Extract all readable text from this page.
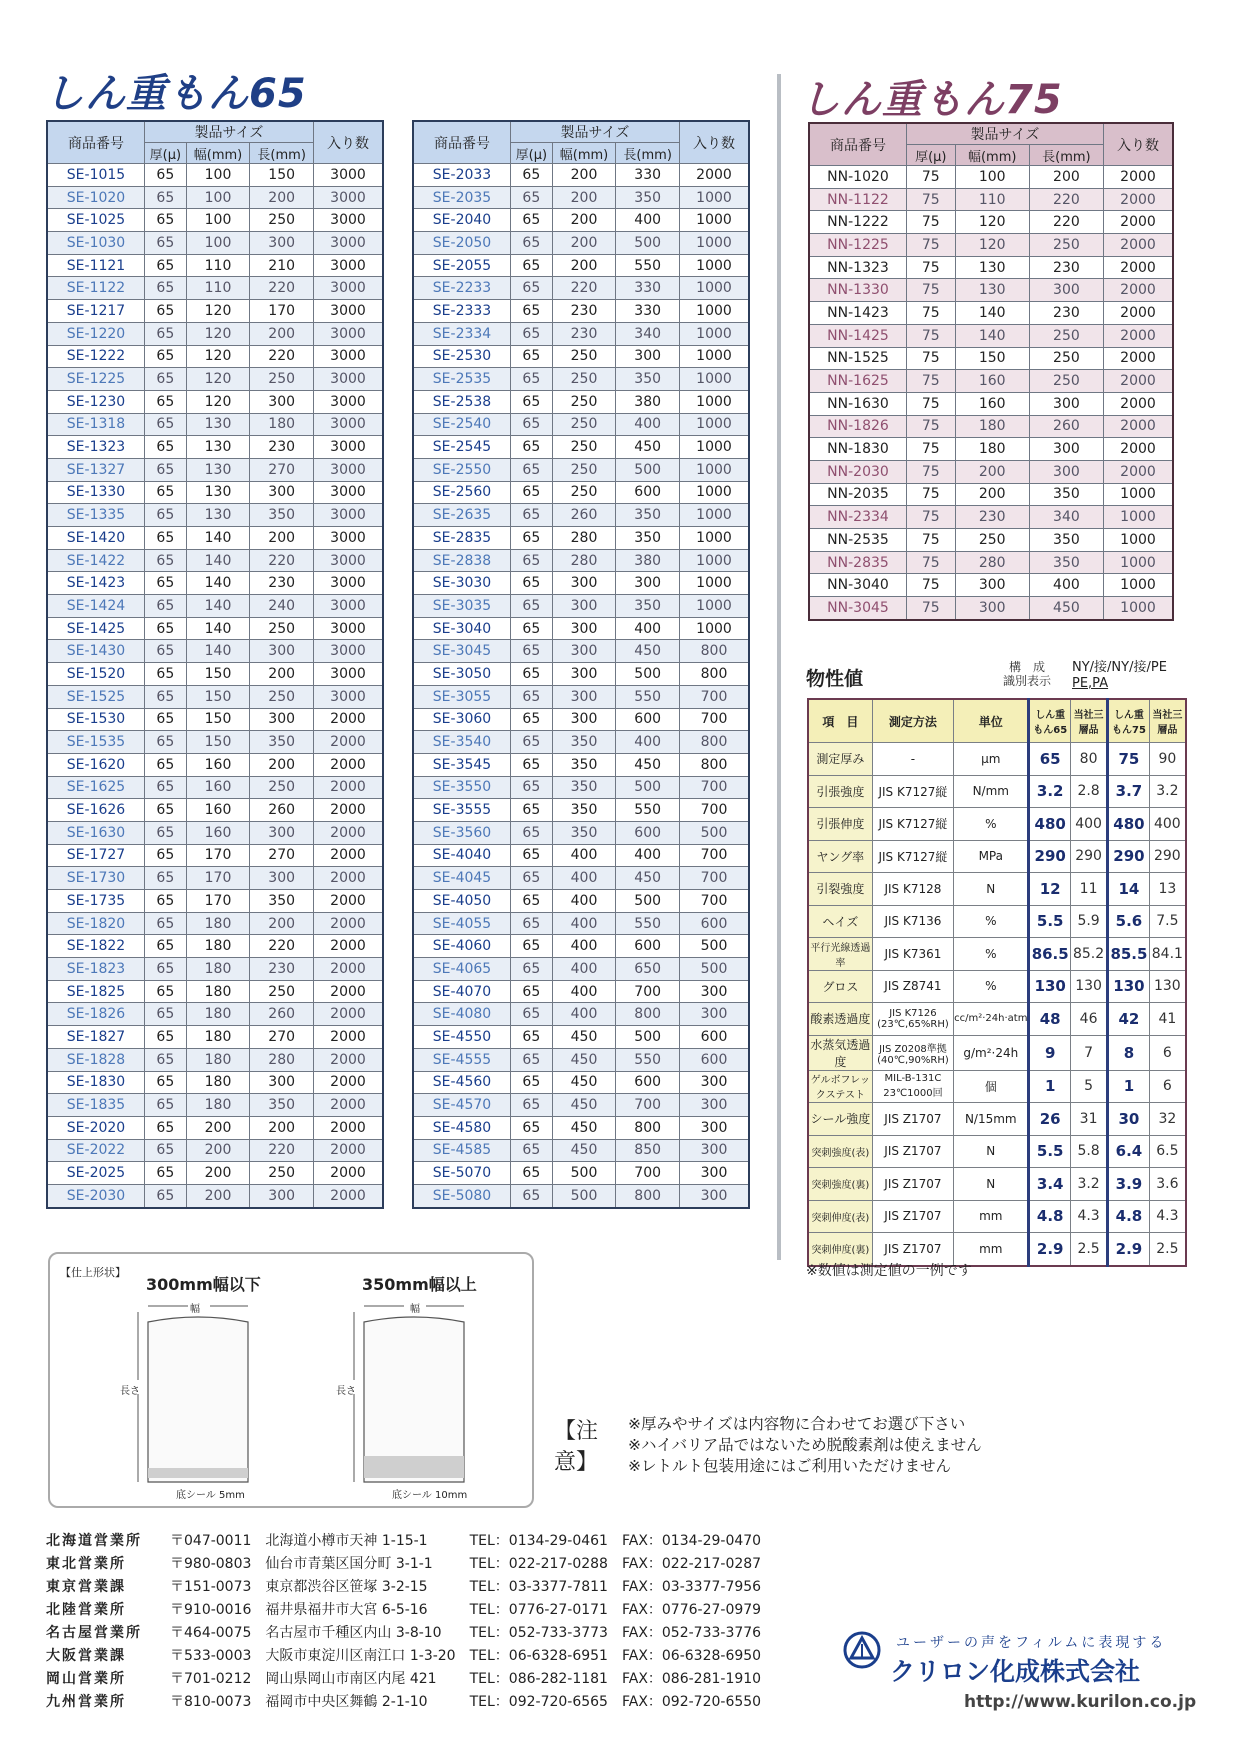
しん重もん65	しん重もん75
商品番号	製品サイズ			入り数
	厚(μ)	幅(mm)	長(mm)	
SE-1015	65	100	150	3000
SE-1020	65	100	200	3000
SE-1025	65	100	250	3000
SE-1030	65	100	300	3000
SE-1121	65	110	210	3000
SE-1122	65	110	220	3000
SE-1217	65	120	170	3000
SE-1220	65	120	200	3000
SE-1222	65	120	220	3000
SE-1225	65	120	250	3000
SE-1230	65	120	300	3000
SE-1318	65	130	180	3000
SE-1323	65	130	230	3000
SE-1327	65	130	270	3000
SE-1330	65	130	300	3000
SE-1335	65	130	350	3000
SE-1420	65	140	200	3000
SE-1422	65	140	220	3000
SE-1423	65	140	230	3000
SE-1424	65	140	240	3000
SE-1425	65	140	250	3000
SE-1430	65	140	300	3000
SE-1520	65	150	200	3000
SE-1525	65	150	250	3000
SE-1530	65	150	300	2000
SE-1535	65	150	350	2000
SE-1620	65	160	200	2000
SE-1625	65	160	250	2000
SE-1626	65	160	260	2000
SE-1630	65	160	300	2000
SE-1727	65	170	270	2000
SE-1730	65	170	300	2000
SE-1735	65	170	350	2000
SE-1820	65	180	200	2000
SE-1822	65	180	220	2000
SE-1823	65	180	230	2000
SE-1825	65	180	250	2000
SE-1826	65	180	260	2000
SE-1827	65	180	270	2000
SE-1828	65	180	280	2000
SE-1830	65	180	300	2000
SE-1835	65	180	350	2000
SE-2020	65	200	200	2000
SE-2022	65	200	220	2000
SE-2025	65	200	250	2000
SE-2030	65	200	300	2000
商品番号	製品サイズ			入り数
	厚(μ)	幅(mm)	長(mm)	
SE-2033	65	200	330	2000
SE-2035	65	200	350	1000
SE-2040	65	200	400	1000
SE-2050	65	200	500	1000
SE-2055	65	200	550	1000
SE-2233	65	220	330	1000
SE-2333	65	230	330	1000
SE-2334	65	230	340	1000
SE-2530	65	250	300	1000
SE-2535	65	250	350	1000
SE-2538	65	250	380	1000
SE-2540	65	250	400	1000
SE-2545	65	250	450	1000
SE-2550	65	250	500	1000
SE-2560	65	250	600	1000
SE-2635	65	260	350	1000
SE-2835	65	280	350	1000
SE-2838	65	280	380	1000
SE-3030	65	300	300	1000
SE-3035	65	300	350	1000
SE-3040	65	300	400	1000
SE-3045	65	300	450	800
SE-3050	65	300	500	800
SE-3055	65	300	550	700
SE-3060	65	300	600	700
SE-3540	65	350	400	800
SE-3545	65	350	450	800
SE-3550	65	350	500	700
SE-3555	65	350	550	700
SE-3560	65	350	600	500
SE-4040	65	400	400	700
SE-4045	65	400	450	700
SE-4050	65	400	500	700
SE-4055	65	400	550	600
SE-4060	65	400	600	500
SE-4065	65	400	650	500
SE-4070	65	400	700	300
SE-4080	65	400	800	300
SE-4550	65	450	500	600
SE-4555	65	450	550	600
SE-4560	65	450	600	300
SE-4570	65	450	700	300
SE-4580	65	450	800	300
SE-4585	65	450	850	300
SE-5070	65	500	700	300
SE-5080	65	500	800	300
商品番号	製品サイズ			入り数
	厚(μ)	幅(mm)	長(mm)	
NN-1020	75	100	200	2000
NN-1122	75	110	220	2000
NN-1222	75	120	220	2000
NN-1225	75	120	250	2000
NN-1323	75	130	230	2000
NN-1330	75	130	300	2000
NN-1423	75	140	230	2000
NN-1425	75	140	250	2000
NN-1525	75	150	250	2000
NN-1625	75	160	250	2000
NN-1630	75	160	300	2000
NN-1826	75	180	260	2000
NN-1830	75	180	300	2000
NN-2030	75	200	300	2000
NN-2035	75	200	350	1000
NN-2334	75	230	340	1000
NN-2535	75	250	350	1000
NN-2835	75	280	350	1000
NN-3040	75	300	400	1000
NN-3045	75	300	450	1000
物性値
構　成
識別表示
NY/接/NY/接/PE
PE,PA
項　目	測定方法	単位	しん重もん65	当社三層品	しん重もん75	当社三層品
測定厚み	-	μm	65	80	75	90
引張強度	JIS K7127縦	N/mm	3.2	2.8	3.7	3.2
引張伸度	JIS K7127縦	%	480	400	480	400
ヤング率	JIS K7127縦	MPa	290	290	290	290
引裂強度	JIS K7128	N	12	11	14	13
ヘイズ	JIS K7136	%	5.5	5.9	5.6	7.5
平行光線透過率	JIS K7361	%	86.5	85.2	85.5	84.1
グロス	JIS Z8741	%	130	130	130	130
酸素透過度	JIS K7126 (23℃,65%RH)	cc/m²·24h·atm	48	46	42	41
水蒸気透過度	JIS Z0208準拠 (40℃,90%RH)	g/m²·24h	9	7	8	6
ゲルボフレックステスト	MIL-B-131C 23℃1000回	個	1	5	1	6
シール強度	JIS Z1707	N/15mm	26	31	30	32
突刺強度(表)	JIS Z1707	N	5.5	5.8	6.4	6.5
突刺強度(裏)	JIS Z1707	N	3.4	3.2	3.9	3.6
突刺伸度(表)	JIS Z1707	mm	4.8	4.3	4.8	4.3
突刺伸度(裏)	JIS Z1707	mm	2.9	2.5	2.9	2.5
※数値は測定値の一例です
【仕上形状】
300mm幅以下	350mm幅以上
幅
長さ
底シール 5mm
幅
長さ
底シール 10mm
【注意】
※厚みやサイズは内容物に合わせてお選び下さい
※ハイバリア品ではないため脱酸素剤は使えません
※レトルト包装用途にはご利用いただけません
北海道営業所	〒047-0011	北海道小樽市天神 1-15-1	TEL：0134-29-0461	FAX：0134-29-0470
東北営業所	〒980-0803	仙台市青葉区国分町 3-1-1	TEL：022-217-0288	FAX：022-217-0287
東京営業課	〒151-0073	東京都渋谷区笹塚 3-2-15	TEL：03-3377-7811	FAX：03-3377-7956
北陸営業所	〒910-0016	福井県福井市大宮 6-5-16	TEL：0776-27-0171	FAX：0776-27-0979
名古屋営業所	〒464-0075	名古屋市千種区内山 3-8-10	TEL：052-733-3773	FAX：052-733-3776
大阪営業課	〒533-0003	大阪市東淀川区南江口 1-3-20	TEL：06-6328-6951	FAX：06-6328-6950
岡山営業所	〒701-0212	岡山県岡山市南区内尾 421	TEL：086-282-1181	FAX：086-281-1910
九州営業所	〒810-0073	福岡市中央区舞鶴 2-1-10	TEL：092-720-6565	FAX：092-720-6550
ユーザーの声をフィルムに表現する
クリロン化成株式会社
http://www.kurilon.co.jp
